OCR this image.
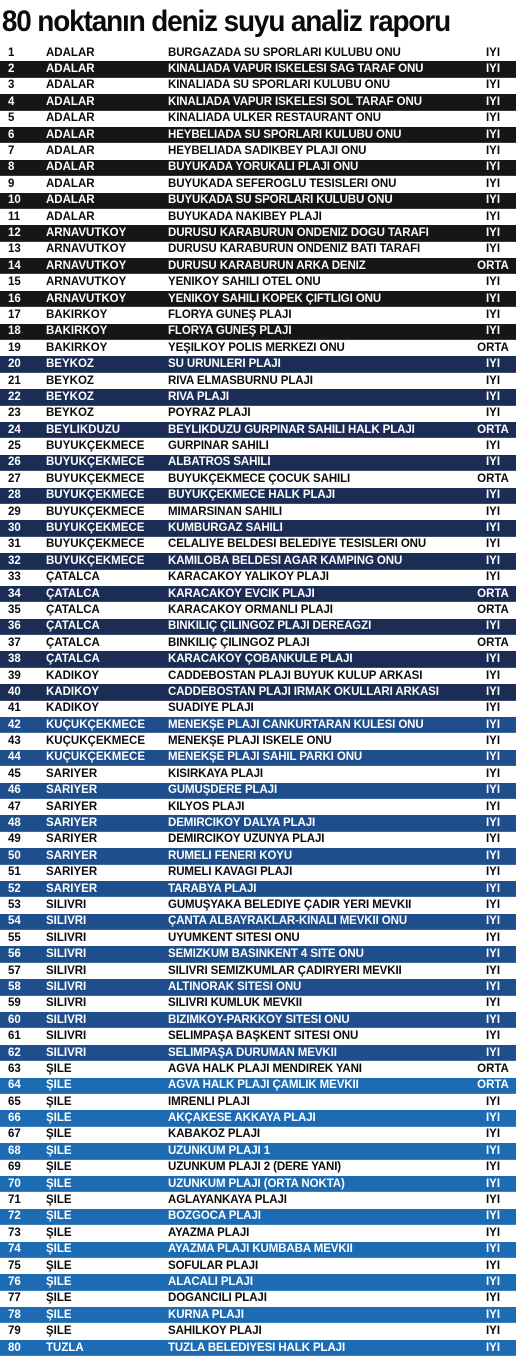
80 noktanın deniz suyu analiz raporu
1	ADALAR	BURGAZADA SU SPORLARI KULÜBÜ ÖNÜ	İYİ
2	ADALAR	KINALIADA VAPUR İSKELESİ SAĞ TARAF ÖNÜ	İYİ
3	ADALAR	KINALIADA SU SPORLARI KULÜBÜ ÖNÜ	İYİ
4	ADALAR	KINALIADA VAPUR İSKELESİ SOL TARAF ÖNÜ	İYİ
5	ADALAR	KINALIADA ÜLKER RESTAURANT ÖNÜ	İYİ
6	ADALAR	HEYBELİADA SU SPORLARI KULÜBÜ ÖNÜ	İYİ
7	ADALAR	HEYBELİADA SADIKBEY PLAJI ÖNÜ	İYİ
8	ADALAR	BÜYÜKADA YÖRÜKALİ PLAJI ÖNÜ	İYİ
9	ADALAR	BÜYÜKADA SEFEROĞLU TESİSLERİ ÖNÜ	İYİ
10	ADALAR	BÜYÜKADA SU SPORLARI KULÜBÜ ÖNÜ	İYİ
11	ADALAR	BÜYÜKADA NAKİBEY PLAJI	İYİ
12	ARNAVUTKÖY	DURUSU KARABURUN ÖNDENİZ DOĞU TARAFI	İYİ
13	ARNAVUTKÖY	DURUSU KARABURUN ÖNDENİZ BATI TARAFI	İYİ
14	ARNAVUTKÖY	DURUSU KARABURUN ARKA DENİZ	ORTA
15	ARNAVUTKÖY	YENİKÖY SAHİLİ OTEL ÖNÜ	İYİ
16	ARNAVUTKÖY	YENİKÖY SAHİLİ KÖPEK ÇİFTLİĞİ ÖNÜ	İYİ
17	BAKIRKÖY	FLORYA GÜNEŞ PLAJI	İYİ
18	BAKIRKÖY	FLORYA GÜNEŞ PLAJI	İYİ
19	BAKIRKÖY	YEŞİLKÖY POLİS MERKEZİ ÖNÜ	ORTA
20	BEYKOZ	SU ÜRÜNLERİ PLAJI	İYİ
21	BEYKOZ	RİVA ELMASBURNU PLAJI	İYİ
22	BEYKOZ	RİVA PLAJI	İYİ
23	BEYKOZ	POYRAZ PLAJI	İYİ
24	BEYLİKDÜZÜ	BEYLİKDÜZÜ GÜRPINAR SAHİLİ HALK PLAJI	ORTA
25	BÜYÜKÇEKMECE	GÜRPINAR SAHİLİ	İYİ
26	BÜYÜKÇEKMECE	ALBATROS SAHİLİ	İYİ
27	BÜYÜKÇEKMECE	BÜYÜKÇEKMECE ÇOCUK SAHİLİ	ORTA
28	BÜYÜKÇEKMECE	BÜYÜKÇEKMECE HALK PLAJI	İYİ
29	BÜYÜKÇEKMECE	MİMARSİNAN SAHİLİ	İYİ
30	BÜYÜKÇEKMECE	KUMBURGAZ SAHİLİ	İYİ
31	BÜYÜKÇEKMECE	CELALİYE BELDESİ BELEDİYE TESİSLERİ ÖNÜ	İYİ
32	BÜYÜKÇEKMECE	KAMİLOBA BELDESİ AĞAR KAMPİNG ÖNÜ	İYİ
33	ÇATALCA	KARACAKÖY YALIKÖY PLAJI	İYİ
34	ÇATALCA	KARACAKÖY EVCİK PLAJI	ORTA
35	ÇATALCA	KARACAKÖY ORMANLI PLAJI	ORTA
36	ÇATALCA	BİNKILIÇ ÇİLİNGOZ PLAJI DEREAĞZI	İYİ
37	ÇATALCA	BİNKILIÇ ÇİLİNGOZ PLAJI	ORTA
38	ÇATALCA	KARACAKÖY ÇOBANKULE PLAJI	İYİ
39	KADIKÖY	CADDEBOSTAN PLAJI BÜYÜK KULÜP ARKASI	İYİ
40	KADIKÖY	CADDEBOSTAN PLAJI IRMAK OKULLARI ARKASI	İYİ
41	KADIKÖY	SUADİYE PLAJI	İYİ
42	KÜÇÜKÇEKMECE	MENEKŞE PLAJI CANKURTARAN KULESİ ÖNÜ	İYİ
43	KÜÇÜKÇEKMECE	MENEKŞE PLAJI İSKELE ÖNÜ	İYİ
44	KÜÇÜKÇEKMECE	MENEKŞE PLAJI SAHİL PARKI ÖNÜ	İYİ
45	SARIYER	KISIRKAYA PLAJI	İYİ
46	SARIYER	GÜMÜŞDERE PLAJI	İYİ
47	SARIYER	KİLYOS PLAJI	İYİ
48	SARIYER	DEMİRCİKÖY DALYA PLAJI	İYİ
49	SARIYER	DEMİRCİKÖY UZUNYA PLAJI	İYİ
50	SARIYER	RUMELİ FENERİ KOYU	İYİ
51	SARIYER	RUMELİ KAVAĞI PLAJI	İYİ
52	SARIYER	TARABYA PLAJI	İYİ
53	SİLİVRİ	GÜMÜŞYAKA BELEDİYE ÇADIR YERİ MEVKİİ	İYİ
54	SİLİVRİ	ÇANTA ALBAYRAKLAR-KINALI MEVKİİ ÖNÜ	İYİ
55	SİLİVRİ	UYUMKENT SİTESİ ÖNÜ	İYİ
56	SİLİVRİ	SEMİZKUM BASINKENT 4 SİTE ÖNÜ	İYİ
57	SİLİVRİ	SİLİVRİ SEMİZKUMLAR ÇADIRYERİ MEVKİİ	İYİ
58	SİLİVRİ	ALTINORAK SİTESİ ÖNÜ	İYİ
59	SİLİVRİ	SİLİVRİ KUMLUK MEVKİİ	İYİ
60	SİLİVRİ	BİZİMKÖY-PARKKÖY SİTESİ ÖNÜ	İYİ
61	SİLİVRİ	SELİMPAŞA BAŞKENT SİTESİ ÖNÜ	İYİ
62	SİLİVRİ	SELİMPAŞA DURUMAN MEVKİİ	İYİ
63	ŞİLE	AĞVA HALK PLAJI MENDİREK YANI	ORTA
64	ŞİLE	AĞVA HALK PLAJI ÇAMLIK MEVKİİ	ORTA
65	ŞİLE	İMRENLİ PLAJI	İYİ
66	ŞİLE	AKÇAKESE AKKAYA PLAJI	İYİ
67	ŞİLE	KABAKOZ PLAJI	İYİ
68	ŞİLE	UZUNKUM PLAJI 1	İYİ
69	ŞİLE	UZUNKUM PLAJI 2 (DERE YANI)	İYİ
70	ŞİLE	UZUNKUM PLAJI (ORTA NOKTA)	İYİ
71	ŞİLE	AĞLAYANKAYA PLAJI	İYİ
72	ŞİLE	BOZGOCA PLAJI	İYİ
73	ŞİLE	AYAZMA PLAJI	İYİ
74	ŞİLE	AYAZMA PLAJI KUMBABA MEVKİİ	İYİ
75	ŞİLE	SOFULAR PLAJI	İYİ
76	ŞİLE	ALACALI PLAJI	İYİ
77	ŞİLE	DOĞANCILI PLAJI	İYİ
78	ŞİLE	KURNA PLAJI	İYİ
79	ŞİLE	SAHİLKÖY PLAJI	İYİ
80	TUZLA	TUZLA BELEDİYESİ HALK PLAJI	İYİ
